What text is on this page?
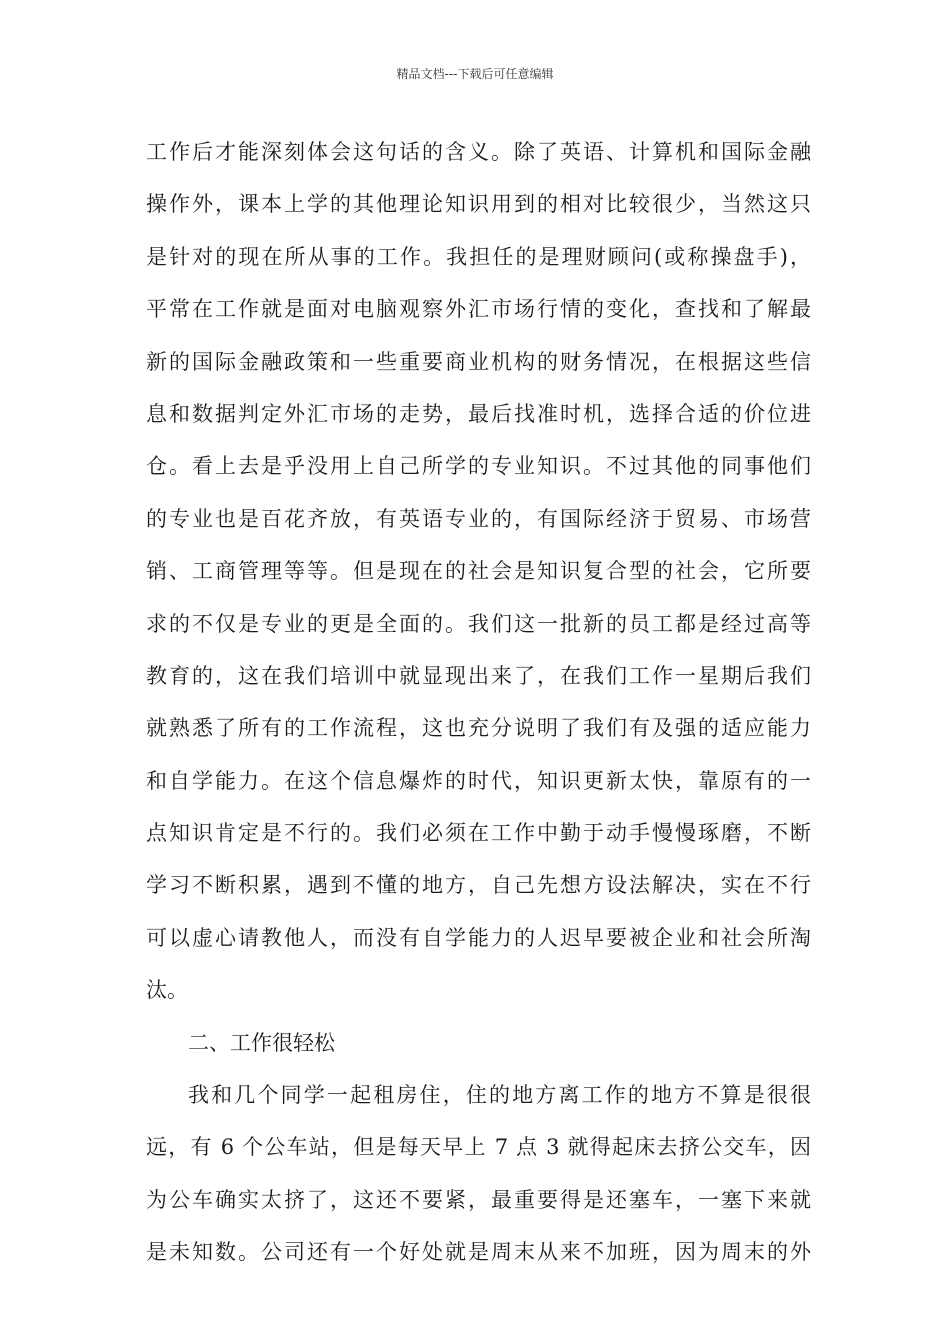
精品文档---下载后可任意编辑
工作后才能深刻体会这句话的含义。除了英语、计算机和国际金融
操作外，课本上学的其他理论知识用到的相对比较很少，当然这只
是针对的现在所从事的工作。我担任的是理财顾问(或称操盘手)，
平常在工作就是面对电脑观察外汇市场行情的变化，查找和了解最
新的国际金融政策和一些重要商业机构的财务情况，在根据这些信
息和数据判定外汇市场的走势，最后找准时机，选择合适的价位进
仓。看上去是乎没用上自己所学的专业知识。不过其他的同事他们
的专业也是百花齐放，有英语专业的，有国际经济于贸易、市场营
销、工商管理等等。但是现在的社会是知识复合型的社会，它所要
求的不仅是专业的更是全面的。我们这一批新的员工都是经过高等
教育的，这在我们培训中就显现出来了，在我们工作一星期后我们
就熟悉了所有的工作流程，这也充分说明了我们有及强的适应能力
和自学能力。在这个信息爆炸的时代，知识更新太快，靠原有的一
点知识肯定是不行的。我们必须在工作中勤于动手慢慢琢磨，不断
学习不断积累，遇到不懂的地方，自己先想方设法解决，实在不行
可以虚心请教他人，而没有自学能力的人迟早要被企业和社会所淘
汰。
二、工作很轻松
我和几个同学一起租房住，住的地方离工作的地方不算是很很
远，有 6 个公车站，但是每天早上 7 点 3 就得起床去挤公交车，因
为公车确实太挤了，这还不要紧，最重要得是还塞车，一塞下来就
是未知数。公司还有一个好处就是周末从来不加班，因为周末的外
